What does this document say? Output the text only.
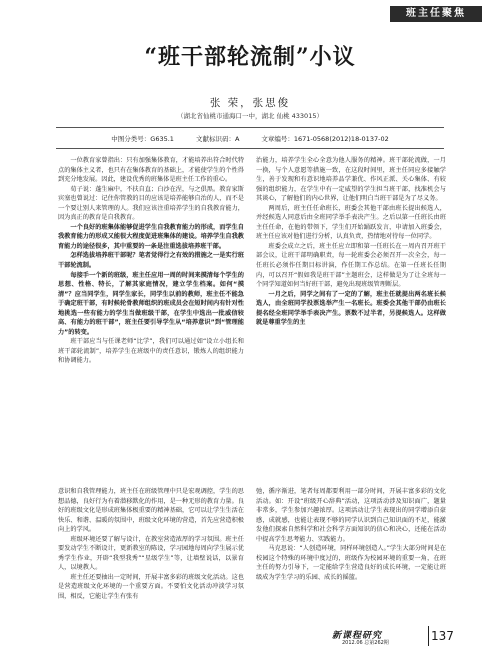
班主任聚焦
“班干部轮流制”小议
张 荣，张思俊
（湖北省仙桃市通海口一中，湖北 仙桃 433015）
中图分类号：G635.1	文献标识码：A	文章编号：1671-0568(2012)18-0137-02

一位教育家曾指出：只有加强集体教育，才能培养出符合时代特点的集体主义者，也只有在集体教育的基础上，才能使学生的个性得到充分地发展。因此，建设优秀的班集体是班主任工作的重心。

荀子说：蓬生麻中，不扶自直；白沙在涅，与之俱黑。教育家斯宾塞也曾说过：记住你管教的目的应该是培养能够自治的人，而不是一个要让别人来管理的人。我们应该注重培养学生的自我教育能力，因为真正的教育是自我教育。

一个良好的班集体能够促进学生自我教育能力的形成，而学生自我教育能力的形成又能很大程度促进班集体的建设。培养学生自我教育能力的途径很多，其中重要的一条是注重选拔培养班干部。

怎样选拔培养班干部呢？笔者觉得行之有效的措施之一是实行班干部轮流制。

每接手一个新的班级，班主任应用一周的时间来摸清每个学生的思想、性格、特长，了解其家庭情况，建立学生档案。如何“摸清”？应当同学生，同学生家长，同学生以前的教师，班主任不能急于确定班干部，有时候轮骨教师组织的班成员会在短时间内有针对性地挑选一些有能力的学生当做班级干部，在学生中选出一批威信较高、有能力的班干部”，班主任要引导学生从“培养意识”到“管理能力”的转变。

班干部应当与任课老师“比学”，我们可以通过如“设立小组长和班干部轮流制”，培养学生在班级中的责任意识，锻炼人的组织能力和协调能力。

治能力，培养学生全心全意为他人服务的精神。班干部轮流做，一月一换，与个人意愿等措施一致，在这段时间里，班主任同应多接触学生，善于发现和有意识地培养品学兼优、作风正派、关心集体、有较强的组织能力，在学生中有一定威望的学生担当班干部，找准机会与其谈心，了解他们的内心世界，让他们明白当班干部是为了尽义务。

两周后，班主任任命班长，班委会其他干部由班长提出候选人，并经候选人同意后由全班同学举手表决产生。之后以第一任班长由班主任任命，在他的带领下，学生们开始踊跃发言，申请加入班委会，班主任应该对他们进行分析，认真负责，热情地对待每一位同学。

班委会成立之后，班主任应立即和第一任班长在一周内召开班干部会议，让班干部明确职责，每一轮班委会必须召开一次全会，每一任班长必须作任期目标讲演，作任期工作总结。在第一任班长任期内，可以召开“假如我是班干部”主题班会，这样做是为了让全班每一个同学知道如何当好班干部，避免出现班级管理断层。

一月之后，同学之间有了一定的了解，班主任就提出两名班长候选人，由全班同学投票选举产生一名班长。班委会其他干部仍由班长提名经全班同学举手表决产生。票数不过半者，另提候选人。这样做就是尊重学生的主

意识和自我管理能力，班主任在班级管理中只是宏观调控，学生的思想品德，良好行为有着潜移默化的作用，是一种无形的教育力量。良好的班级文化是形成班集体极重要的精神基础，它可以让学生生活在快乐、和谐、温暖的氛围中，班级文化环境的营造，首先应营造积极向上的学风。

班级环境还要了解与设计，在教室营造浓厚的学习氛围。班主任要发动学生不断设计，更新教室的陈设，学习园地每周向学生展示优秀学生作业，开辟“我型我秀”“星级学生”等，让墙壁说话，以景育人，以境教人。

班主任还要抽出一定时间，开展丰富多彩的班级文化活动。这也是营造班级文化环境的一个重要方面。不要怕文化活动冲淡学习氛围，相反，它能让学生有张有

弛，循序渐进，笔者每周都要利用一部分时间，开展丰富多彩的文化活动。如：开设“班级开心辞典”活动，这项活动涉及知识面广，题量非常多，学生参加兴趣浓厚。这项活动让学生表现出的同学增添自豪感，成就感，也能让表现不够的同学认识到自己知识面的不足，能激发他们探索自然科学和社会科学方面知识的信心和决心，还能在活动中提高学生思考能力、实践能力。

马克思说：“人创造环境，同样环境创造人。”学生大部分时间是在校园这个特殊的环境中度过的，班级作为校园环境的重要一角，在班主任的努力引导下，一定能给学生营造良好的成长环境，一定能让班级成为学生学习的乐园、成长的摇篮。

新课程研究
2012.06 总第262期	137
